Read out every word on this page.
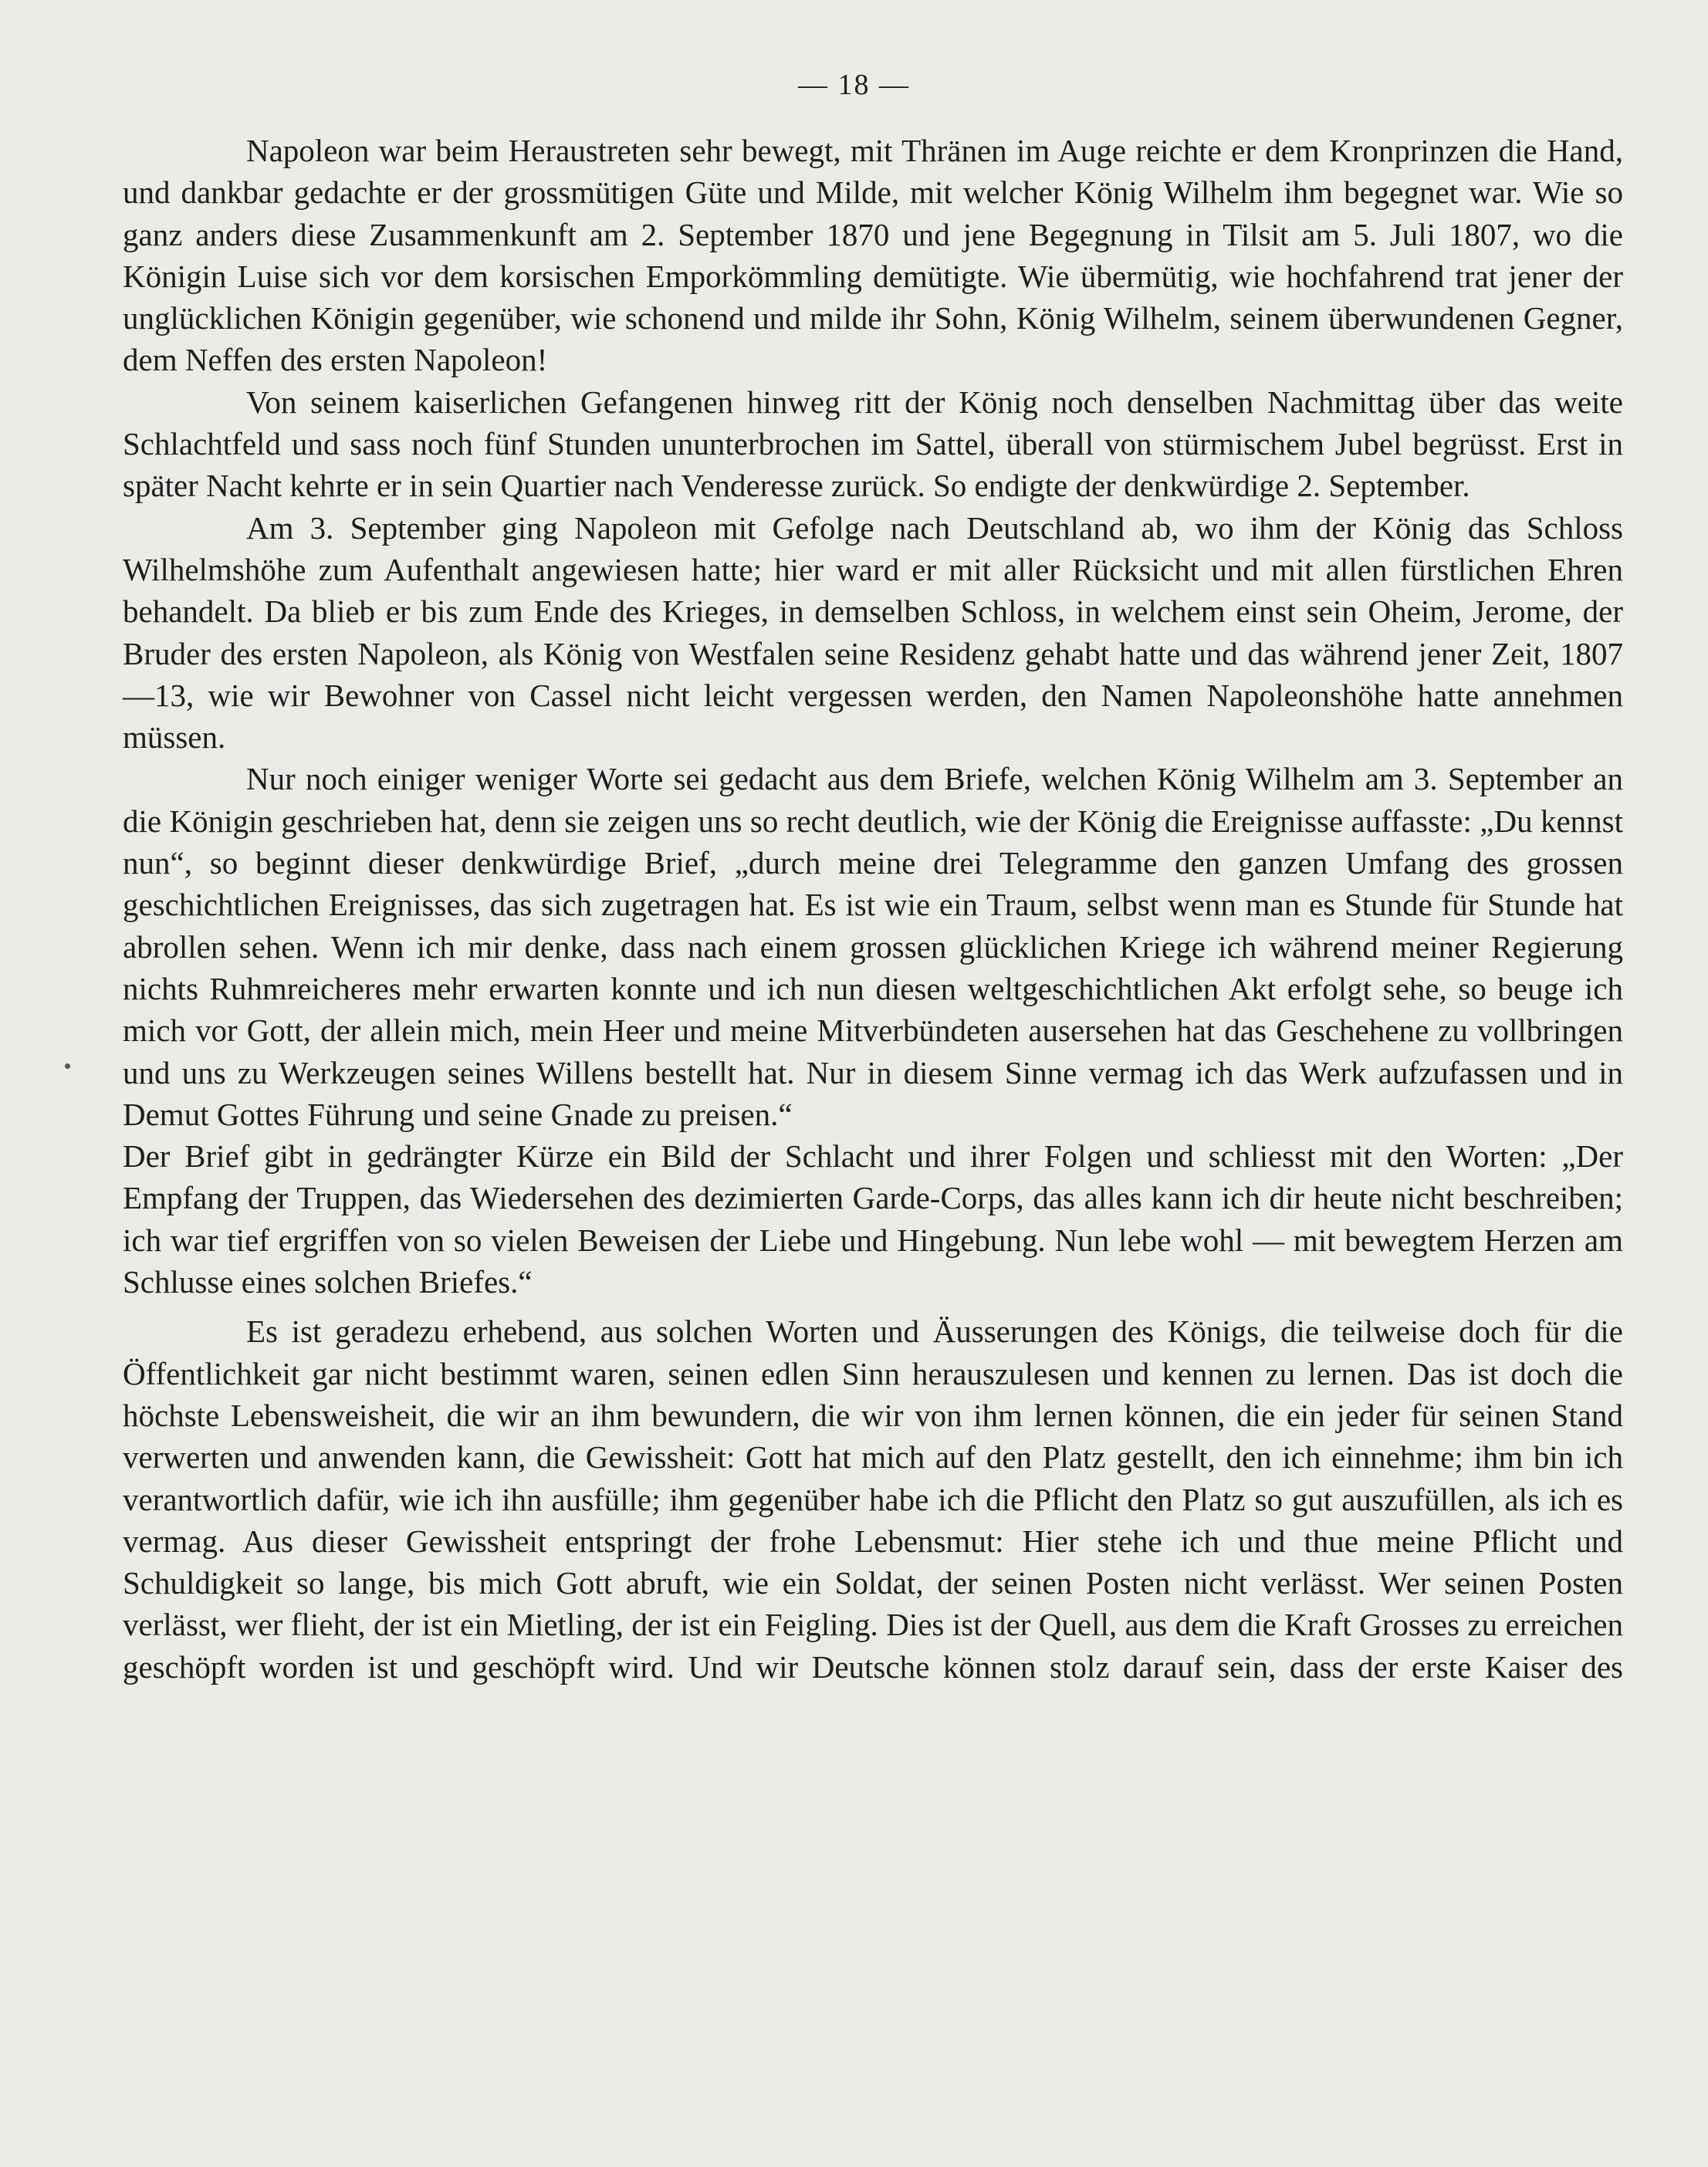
— 18 —

Napoleon war beim Heraustreten sehr bewegt, mit Thränen im Auge reichte er dem Kronprinzen die Hand, und dankbar gedachte er der grossmütigen Güte und Milde, mit welcher König Wilhelm ihm begegnet war. Wie so ganz anders diese Zusammenkunft am 2. September 1870 und jene Begegnung in Tilsit am 5. Juli 1807, wo die Königin Luise sich vor dem korsischen Emporkömmling demütigte. Wie übermütig, wie hochfahrend trat jener der unglücklichen Königin gegenüber, wie schonend und milde ihr Sohn, König Wilhelm, seinem überwundenen Gegner, dem Neffen des ersten Napoleon!

Von seinem kaiserlichen Gefangenen hinweg ritt der König noch denselben Nachmittag über das weite Schlachtfeld und sass noch fünf Stunden ununterbrochen im Sattel, überall von stürmischem Jubel begrüsst. Erst in später Nacht kehrte er in sein Quartier nach Venderesse zurück. So endigte der denkwürdige 2. September.

Am 3. September ging Napoleon mit Gefolge nach Deutschland ab, wo ihm der König das Schloss Wilhelmshöhe zum Aufenthalt angewiesen hatte; hier ward er mit aller Rücksicht und mit allen fürstlichen Ehren behandelt. Da blieb er bis zum Ende des Krieges, in demselben Schloss, in welchem einst sein Oheim, Jerome, der Bruder des ersten Napoleon, als König von Westfalen seine Residenz gehabt hatte und das während jener Zeit, 1807—13, wie wir Bewohner von Cassel nicht leicht vergessen werden, den Namen Napoleonshöhe hatte annehmen müssen.

Nur noch einiger weniger Worte sei gedacht aus dem Briefe, welchen König Wilhelm am 3. September an die Königin geschrieben hat, denn sie zeigen uns so recht deutlich, wie der König die Ereignisse auffasste: „Du kennst nun“, so beginnt dieser denkwürdige Brief, „durch meine drei Telegramme den ganzen Umfang des grossen geschichtlichen Ereignisses, das sich zugetragen hat. Es ist wie ein Traum, selbst wenn man es Stunde für Stunde hat abrollen sehen. Wenn ich mir denke, dass nach einem grossen glücklichen Kriege ich während meiner Regierung nichts Ruhmreicheres mehr erwarten konnte und ich nun diesen weltgeschichtlichen Akt erfolgt sehe, so beuge ich mich vor Gott, der allein mich, mein Heer und meine Mitverbündeten ausersehen hat das Geschehene zu vollbringen und uns zu Werkzeugen seines Willens bestellt hat. Nur in diesem Sinne vermag ich das Werk aufzufassen und in Demut Gottes Führung und seine Gnade zu preisen.“

Der Brief gibt in gedrängter Kürze ein Bild der Schlacht und ihrer Folgen und schliesst mit den Worten: „Der Empfang der Truppen, das Wiedersehen des dezimierten Garde-Corps, das alles kann ich dir heute nicht beschreiben; ich war tief ergriffen von so vielen Beweisen der Liebe und Hingebung. Nun lebe wohl — mit bewegtem Herzen am Schlusse eines solchen Briefes.“

Es ist geradezu erhebend, aus solchen Worten und Äusserungen des Königs, die teilweise doch für die Öffentlichkeit gar nicht bestimmt waren, seinen edlen Sinn herauszulesen und kennen zu lernen. Das ist doch die höchste Lebensweisheit, die wir an ihm bewundern, die wir von ihm lernen können, die ein jeder für seinen Stand verwerten und anwenden kann, die Gewissheit: Gott hat mich auf den Platz gestellt, den ich einnehme; ihm bin ich verantwortlich dafür, wie ich ihn ausfülle; ihm gegenüber habe ich die Pflicht den Platz so gut auszufüllen, als ich es vermag. Aus dieser Gewissheit entspringt der frohe Lebensmut: Hier stehe ich und thue meine Pflicht und Schuldigkeit so lange, bis mich Gott abruft, wie ein Soldat, der seinen Posten nicht verlässt. Wer seinen Posten verlässt, wer flieht, der ist ein Mietling, der ist ein Feigling. Dies ist der Quell, aus dem die Kraft Grosses zu erreichen geschöpft worden ist und geschöpft wird. Und wir Deutsche können stolz darauf sein, dass der erste Kaiser des
